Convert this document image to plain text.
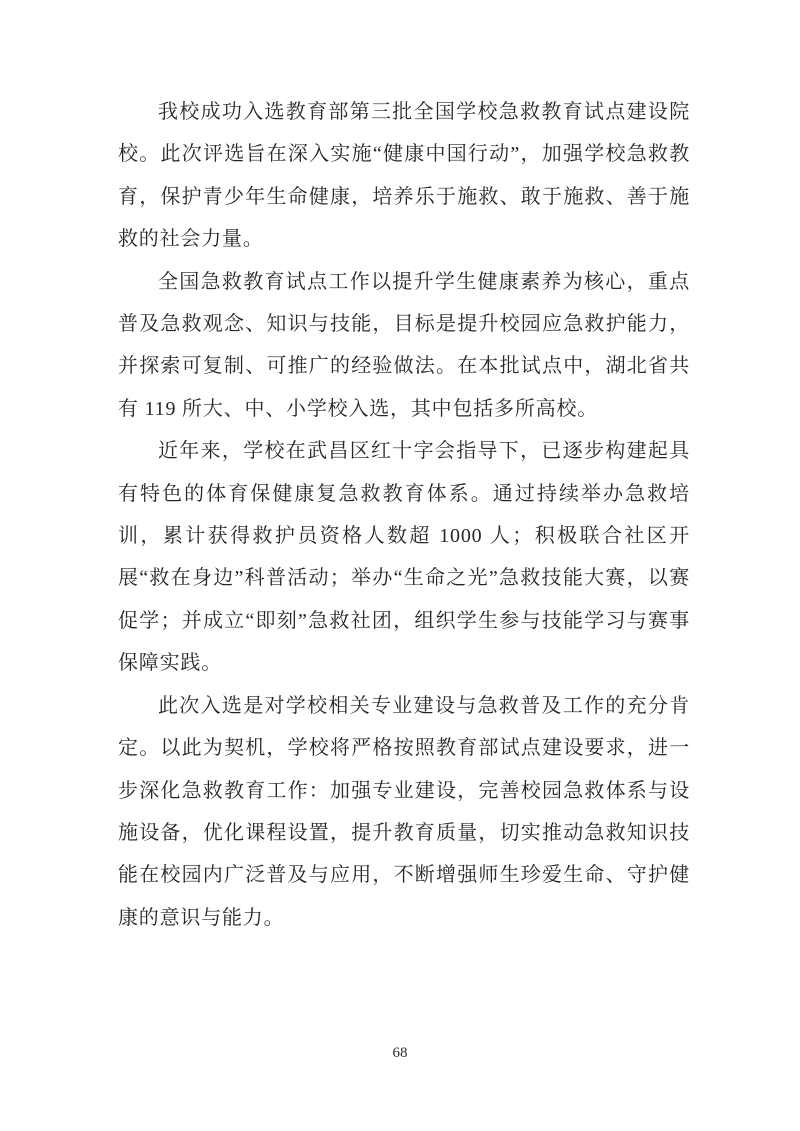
我校成功入选教育部第三批全国学校急救教育试点建设院校。此次评选旨在深入实施“健康中国行动”，加强学校急救教育，保护青少年生命健康，培养乐于施救、敢于施救、善于施救的社会力量。

全国急救教育试点工作以提升学生健康素养为核心，重点普及急救观念、知识与技能，目标是提升校园应急救护能力，并探索可复制、可推广的经验做法。在本批试点中，湖北省共有 119 所大、中、小学校入选，其中包括多所高校。

近年来，学校在武昌区红十字会指导下，已逐步构建起具有特色的体育保健康复急救教育体系。通过持续举办急救培训，累计获得救护员资格人数超 1000 人；积极联合社区开展“救在身边”科普活动；举办“生命之光”急救技能大赛，以赛促学；并成立“即刻”急救社团，组织学生参与技能学习与赛事保障实践。

此次入选是对学校相关专业建设与急救普及工作的充分肯定。以此为契机，学校将严格按照教育部试点建设要求，进一步深化急救教育工作：加强专业建设，完善校园急救体系与设施设备，优化课程设置，提升教育质量，切实推动急救知识技能在校园内广泛普及与应用，不断增强师生珍爱生命、守护健康的意识与能力。

68
